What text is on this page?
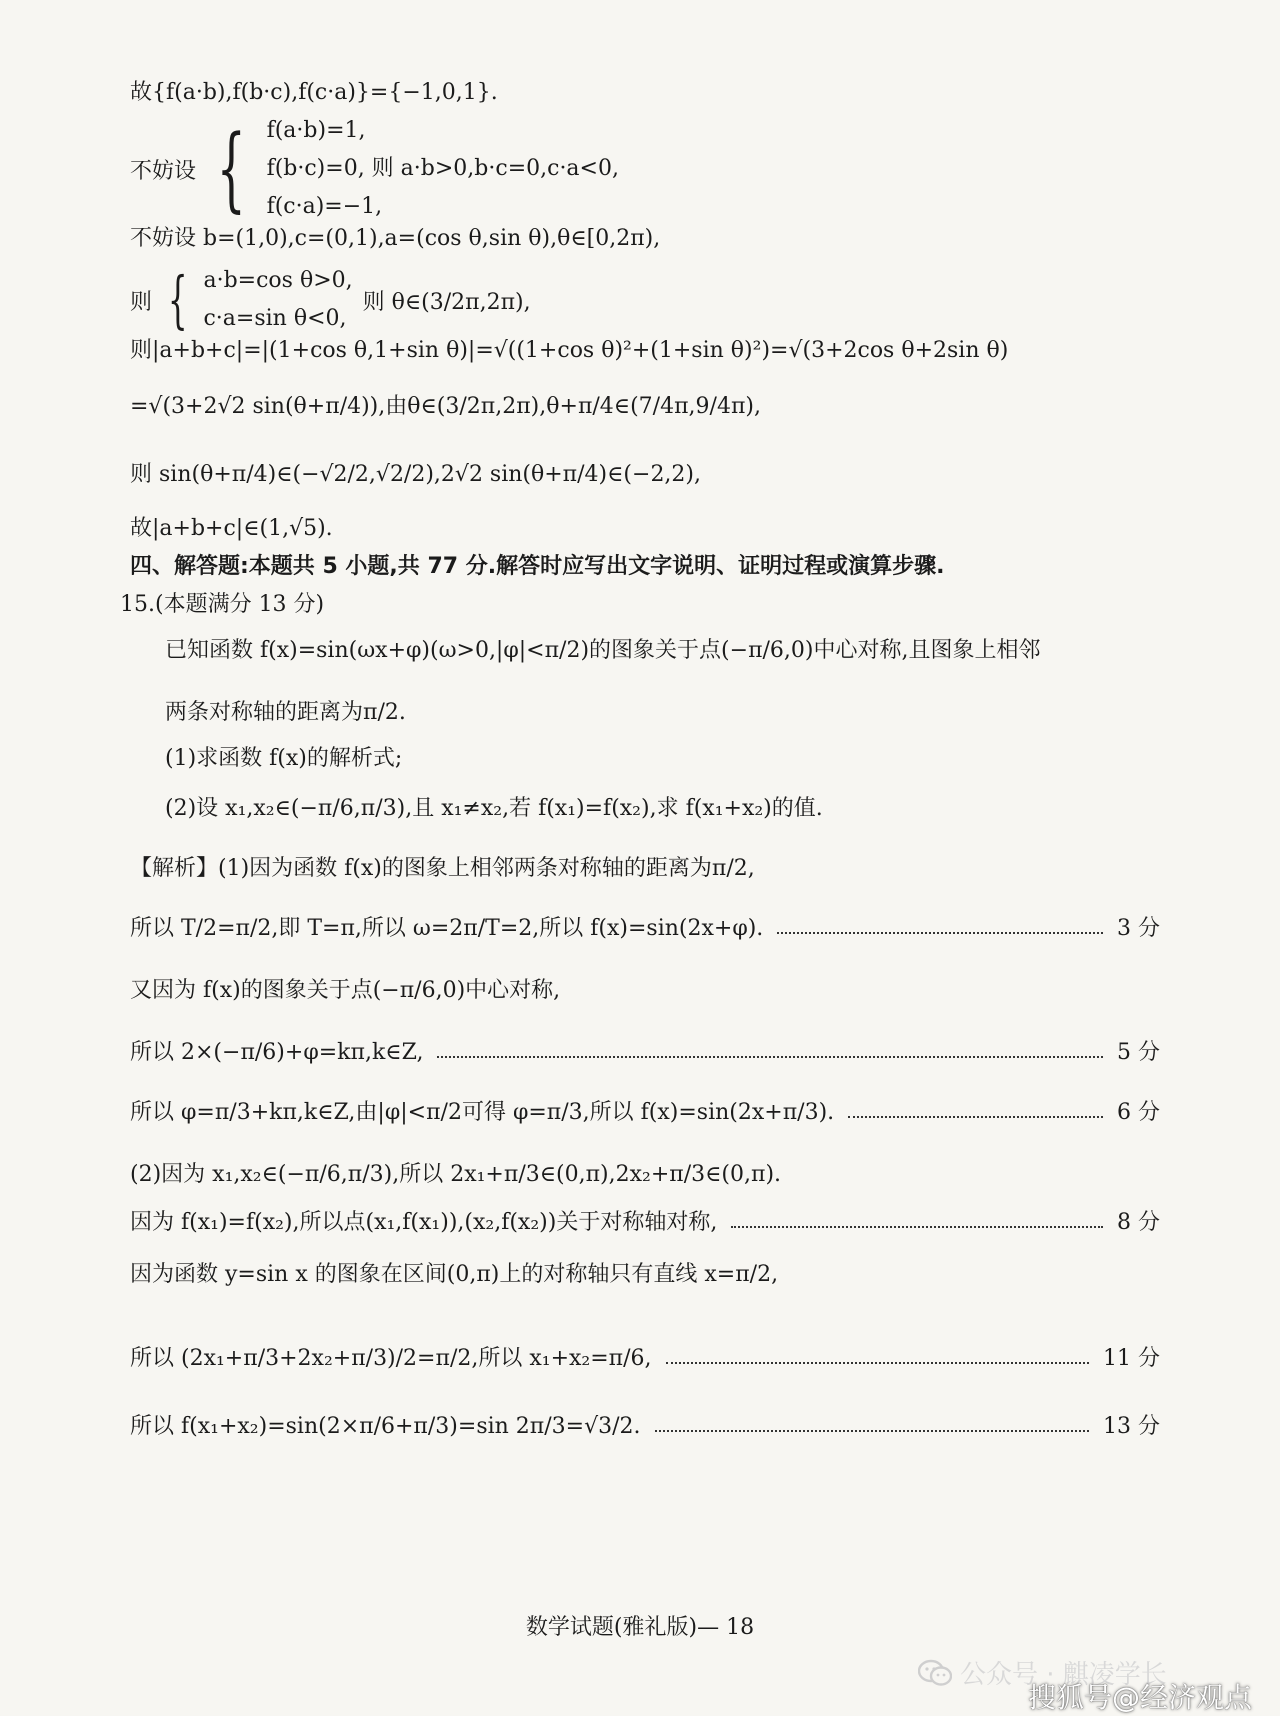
故{f(a·b),f(b·c),f(c·a)}={−1,0,1}.
不妨设 { f(a·b)=1,
f(b·c)=0, 则 a·b>0,b·c=0,c·a<0,
f(c·a)=−1,
不妨设 b=(1,0),c=(0,1),a=(cos θ,sin θ),θ∈[0,2π),
则 { a·b=cos θ>0,
c·a=sin θ<0,
则 θ∈(3/2π,2π),
则|a+b+c|=|(1+cos θ,1+sin θ)|=√((1+cos θ)²+(1+sin θ)²)=√(3+2cos θ+2sin θ)
=√(3+2√2 sin(θ+π/4)),由θ∈(3/2π,2π),θ+π/4∈(7/4π,9/4π),
则 sin(θ+π/4)∈(−√2/2,√2/2),2√2 sin(θ+π/4)∈(−2,2),
故|a+b+c|∈(1,√5).
四、解答题:本题共 5 小题,共 77 分.解答时应写出文字说明、证明过程或演算步骤.
15.(本题满分 13 分)
已知函数 f(x)=sin(ωx+φ)(ω>0,|φ|<π/2)的图象关于点(−π/6,0)中心对称,且图象上相邻
两条对称轴的距离为π/2.
(1)求函数 f(x)的解析式;
(2)设 x₁,x₂∈(−π/6,π/3),且 x₁≠x₂,若 f(x₁)=f(x₂),求 f(x₁+x₂)的值.
【解析】(1)因为函数 f(x)的图象上相邻两条对称轴的距离为π/2,
所以 T/2=π/2,即 T=π,所以 ω=2π/T=2,所以 f(x)=sin(2x+φ).	3 分
又因为 f(x)的图象关于点(−π/6,0)中心对称,
所以 2×(−π/6)+φ=kπ,k∈Z,	5 分
所以 φ=π/3+kπ,k∈Z,由|φ|<π/2可得 φ=π/3,所以 f(x)=sin(2x+π/3).	6 分
(2)因为 x₁,x₂∈(−π/6,π/3),所以 2x₁+π/3∈(0,π),2x₂+π/3∈(0,π).
因为 f(x₁)=f(x₂),所以点(x₁,f(x₁)),(x₂,f(x₂))关于对称轴对称,	8 分
因为函数 y=sin x 的图象在区间(0,π)上的对称轴只有直线 x=π/2,
所以 (2x₁+π/3+2x₂+π/3)/2=π/2,所以 x₁+x₂=π/6,	11 分
所以 f(x₁+x₂)=sin(2×π/6+π/3)=sin 2π/3=√3/2.	13 分
数学试题(雅礼版)— 18
公众号 · 麒凌学长
搜狐号@经济观点
